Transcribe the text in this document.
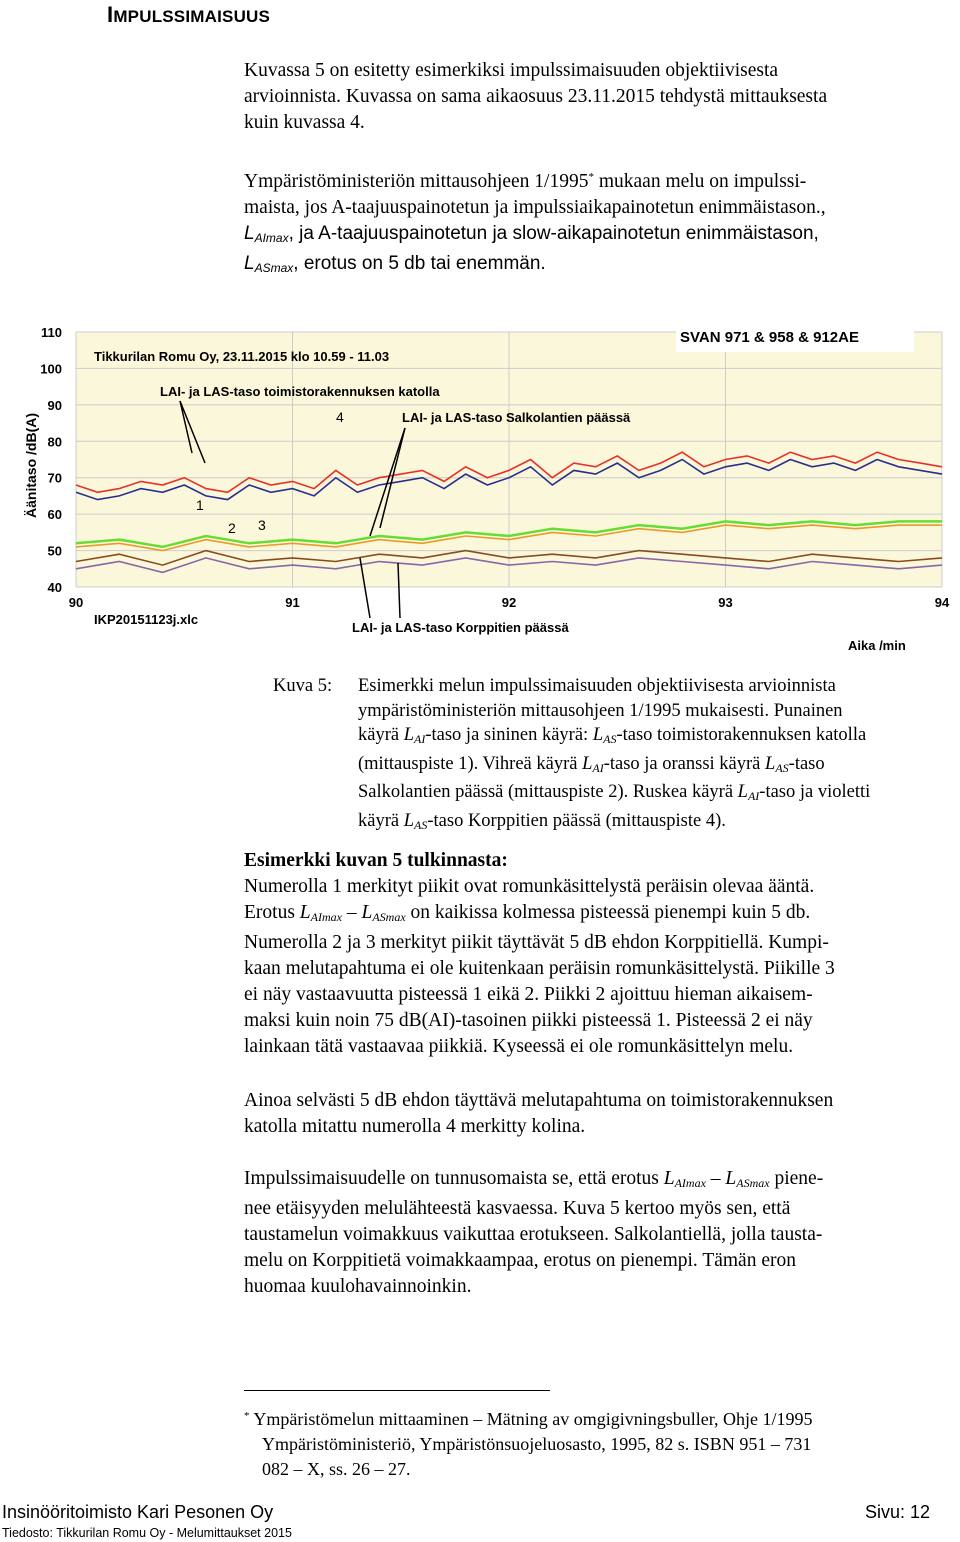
IMPULSSIMAISUUS
Kuvassa 5 on esitetty esimerkiksi impulssimaisuuden objektiivisesta
arvioinnista. Kuvassa on sama aikaosuus 23.11.2015 tehdystä mittauksesta
kuin kuvassa 4.
Ympäristöministeriön mittausohjeen 1/1995* mukaan melu on impulssi-
maista, jos A-taajuuspainotetun ja impulssiaikapainotetun enimmäistason.,
LAImax, ja A-taajuuspainotetun ja slow-aikapainotetun enimmäistason,
LASmax, erotus on 5 db tai enemmän.
40
50
60
70
80
90
100
110
90	91	92	93	94
SVAN 971 & 958 & 912AE
Tikkurilan Romu Oy, 23.11.2015 klo 10.59 - 11.03
Äänitaso /dB(A)
Aika /min
IKP20151123j.xlc
LAI- ja LAS-taso toimistorakennuksen katolla
LAI- ja LAS-taso Salkolantien päässä
LAI- ja LAS-taso Korppitien päässä
1
2 3
4
Kuva 5: Esimerkki melun impulssimaisuuden objektiivisesta arvioinnista
ympäristöministeriön mittausohjeen 1/1995 mukaisesti. Punainen
käyrä LAI-taso ja sininen käyrä: LAS-taso toimistorakennuksen katolla
(mittauspiste 1). Vihreä käyrä LAI-taso ja oranssi käyrä LAS-taso
Salkolantien päässä (mittauspiste 2). Ruskea käyrä LAI-taso ja violetti
käyrä LAS-taso Korppitien päässä (mittauspiste 4).
Esimerkki kuvan 5 tulkinnasta:
Numerolla 1 merkityt piikit ovat romunkäsittelystä peräisin olevaa ääntä.
Erotus LAImax – LASmax on kaikissa kolmessa pisteessä pienempi kuin 5 db.
Numerolla 2 ja 3 merkityt piikit täyttävät 5 dB ehdon Korppitiellä. Kumpi-
kaan melutapahtuma ei ole kuitenkaan peräisin romunkäsittelystä. Piikille 3
ei näy vastaavuutta pisteessä 1 eikä 2. Piikki 2 ajoittuu hieman aikaisem-
maksi kuin noin 75 dB(AI)-tasoinen piikki pisteessä 1. Pisteessä 2 ei näy
lainkaan tätä vastaavaa piikkiä. Kyseessä ei ole romunkäsittelyn melu.
Ainoa selvästi 5 dB ehdon täyttävä melutapahtuma on toimistorakennuksen
katolla mitattu numerolla 4 merkitty kolina.
Impulssimaisuudelle on tunnusomaista se, että erotus LAImax – LASmax piene-
nee etäisyyden melulähteestä kasvaessa. Kuva 5 kertoo myös sen, että
taustamelun voimakkuus vaikuttaa erotukseen. Salkolantiellä, jolla tausta-
melu on Korppitietä voimakkaampaa, erotus on pienempi. Tämän eron
huomaa kuulohavainnoinkin.
* Ympäristömelun mittaaminen – Mätning av omgigivningsbuller, Ohje 1/1995
Ympäristöministeriö, Ympäristönsuojeluosasto, 1995, 82 s. ISBN 951 – 731
082 – X, ss. 26 – 27.
Insinööritoimisto Kari Pesonen Oy
Tiedosto: Tikkurilan Romu Oy - Melumittaukset 2015
Sivu: 12
